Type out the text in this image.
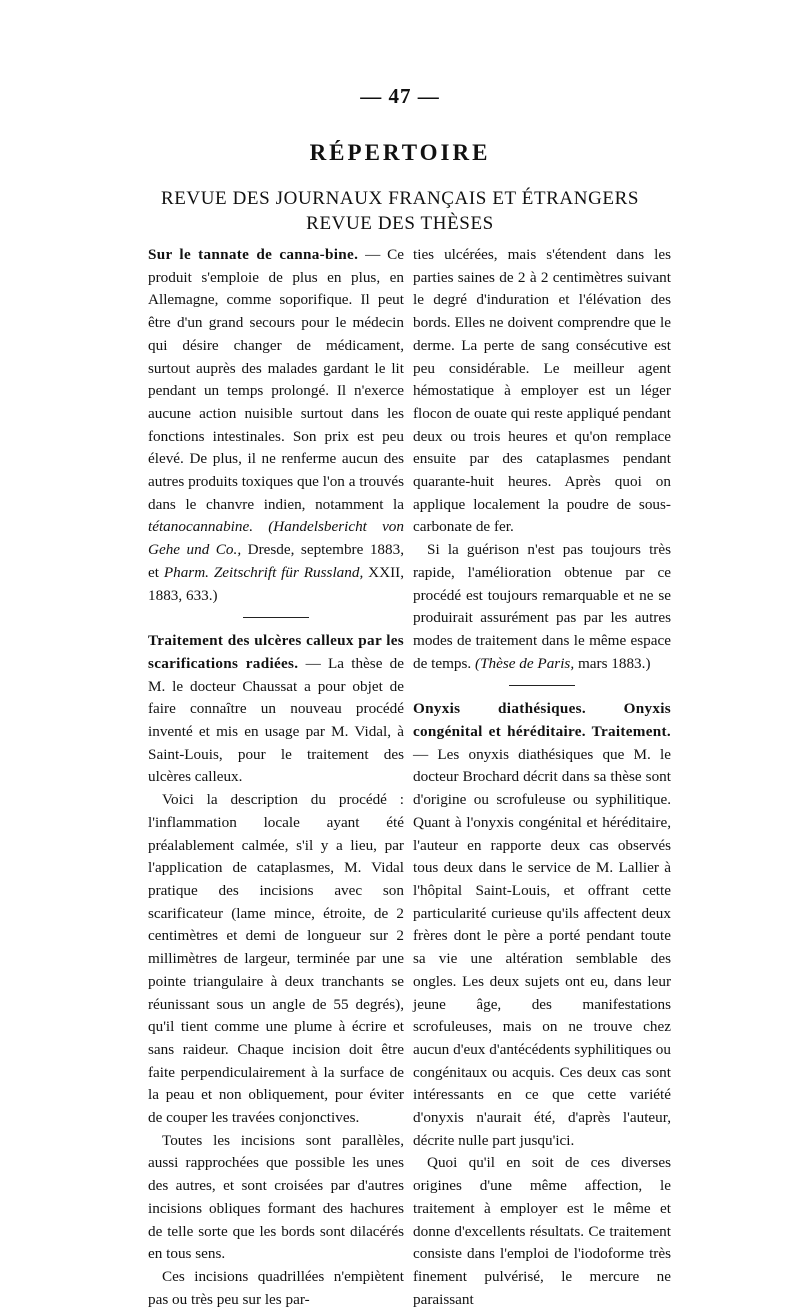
— 47 —
RÉPERTOIRE
REVUE DES JOURNAUX FRANÇAIS ET ÉTRANGERS
REVUE DES THÈSES

Sur le tannate de canna-bine. — Ce produit s'emploie de plus en plus, en Allemagne, comme soporifique. Il peut être d'un grand secours pour le médecin qui désire changer de médicament, surtout auprès des malades gardant le lit pendant un temps prolongé. Il n'exerce aucune action nuisible surtout dans les fonctions intestinales. Son prix est peu élevé. De plus, il ne renferme aucun des autres produits toxiques que l'on a trouvés dans le chanvre indien, notamment la tétanocannabine. (Handelsbericht von Gehe und Co., Dresde, septembre 1883, et Pharm. Zeitschrift für Russland, XXII, 1883, 633.)

Traitement des ulcères calleux par les scarifications radiées. — La thèse de M. le docteur Chaussat a pour objet de faire connaître un nouveau procédé inventé et mis en usage par M. Vidal, à Saint-Louis, pour le traitement des ulcères calleux.

Voici la description du procédé : l'inflammation locale ayant été préalablement calmée, s'il y a lieu, par l'application de cataplasmes, M. Vidal pratique des incisions avec son scarificateur (lame mince, étroite, de 2 centimètres et demi de longueur sur 2 millimètres de largeur, terminée par une pointe triangulaire à deux tranchants se réunissant sous un angle de 55 degrés), qu'il tient comme une plume à écrire et sans raideur. Chaque incision doit être faite perpendiculairement à la surface de la peau et non obliquement, pour éviter de couper les travées conjonctives.

Toutes les incisions sont parallèles, aussi rapprochées que possible les unes des autres, et sont croisées par d'autres incisions obliques formant des hachures de telle sorte que les bords sont dilacérés en tous sens.

Ces incisions quadrillées n'empiètent pas ou très peu sur les par-

ties ulcérées, mais s'étendent dans les parties saines de 2 à 2 centimètres suivant le degré d'induration et l'élévation des bords. Elles ne doivent comprendre que le derme. La perte de sang consécutive est peu considérable. Le meilleur agent hémostatique à employer est un léger flocon de ouate qui reste appliqué pendant deux ou trois heures et qu'on remplace ensuite par des cataplasmes pendant quarante-huit heures. Après quoi on applique localement la poudre de sous-carbonate de fer.

Si la guérison n'est pas toujours très rapide, l'amélioration obtenue par ce procédé est toujours remarquable et ne se produirait assurément pas par les autres modes de traitement dans le même espace de temps. (Thèse de Paris, mars 1883.)

Onyxis diathésiques. Onyxis congénital et héréditaire. Traitement. — Les onyxis diathésiques que M. le docteur Brochard décrit dans sa thèse sont d'origine ou scrofuleuse ou syphilitique. Quant à l'onyxis congénital et héréditaire, l'auteur en rapporte deux cas observés tous deux dans le service de M. Lallier à l'hôpital Saint-Louis, et offrant cette particularité curieuse qu'ils affectent deux frères dont le père a porté pendant toute sa vie une altération semblable des ongles. Les deux sujets ont eu, dans leur jeune âge, des manifestations scrofuleuses, mais on ne trouve chez aucun d'eux d'antécédents syphilitiques ou congénitaux ou acquis. Ces deux cas sont intéressants en ce que cette variété d'onyxis n'aurait été, d'après l'auteur, décrite nulle part jusqu'ici.

Quoi qu'il en soit de ces diverses origines d'une même affection, le traitement à employer est le même et donne d'excellents résultats. Ce traitement consiste dans l'emploi de l'iodoforme très finement pulvérisé, le mercure ne paraissant
